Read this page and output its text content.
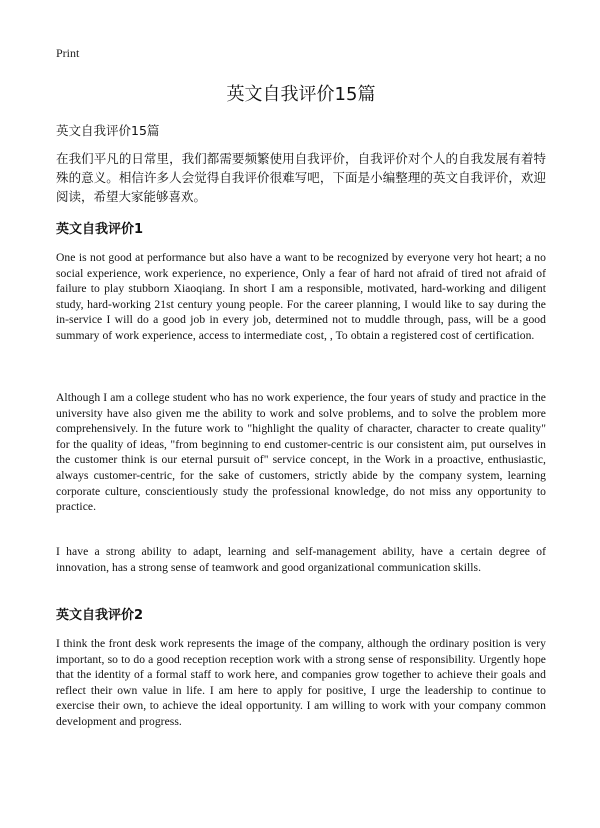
Print
英文自我评价15篇
英文自我评价15篇

在我们平凡的日常里，我们都需要频繁使用自我评价，自我评价对个人的自我发展有着特殊的意义。相信许多人会觉得自我评价很难写吧，下面是小编整理的英文自我评价，欢迎阅读，希望大家能够喜欢。

英文自我评价1

One is not good at performance but also have a want to be recognized by everyone very hot heart; a no social experience, work experience, no experience, Only a fear of hard not afraid of tired not afraid of failure to play stubborn Xiaoqiang. In short I am a responsible, motivated, hard-working and diligent study, hard-working 21st century young people. For the career planning, I would like to say during the in-service I will do a good job in every job, determined not to muddle through, pass, will be a good summary of work experience, access to intermediate cost, , To obtain a registered cost of certification.

Although I am a college student who has no work experience, the four years of study and practice in the university have also given me the ability to work and solve problems, and to solve the problem more comprehensively. In the future work to "highlight the quality of character, character to create quality" for the quality of ideas, "from beginning to end customer-centric is our consistent aim, put ourselves in the customer think is our eternal pursuit of" service concept, in the Work in a proactive, enthusiastic, always customer-centric, for the sake of customers, strictly abide by the company system, learning corporate culture, conscientiously study the professional knowledge, do not miss any opportunity to practice.

I have a strong ability to adapt, learning and self-management ability, have a certain degree of innovation, has a strong sense of teamwork and good organizational communication skills.

英文自我评价2

I think the front desk work represents the image of the company, although the ordinary position is very important, so to do a good reception reception work with a strong sense of responsibility. Urgently hope that the identity of a formal staff to work here, and companies grow together to achieve their goals and reflect their own value in life. I am here to apply for positive, I urge the leadership to continue to exercise their own, to achieve the ideal opportunity. I am willing to work with your company common development and progress.
